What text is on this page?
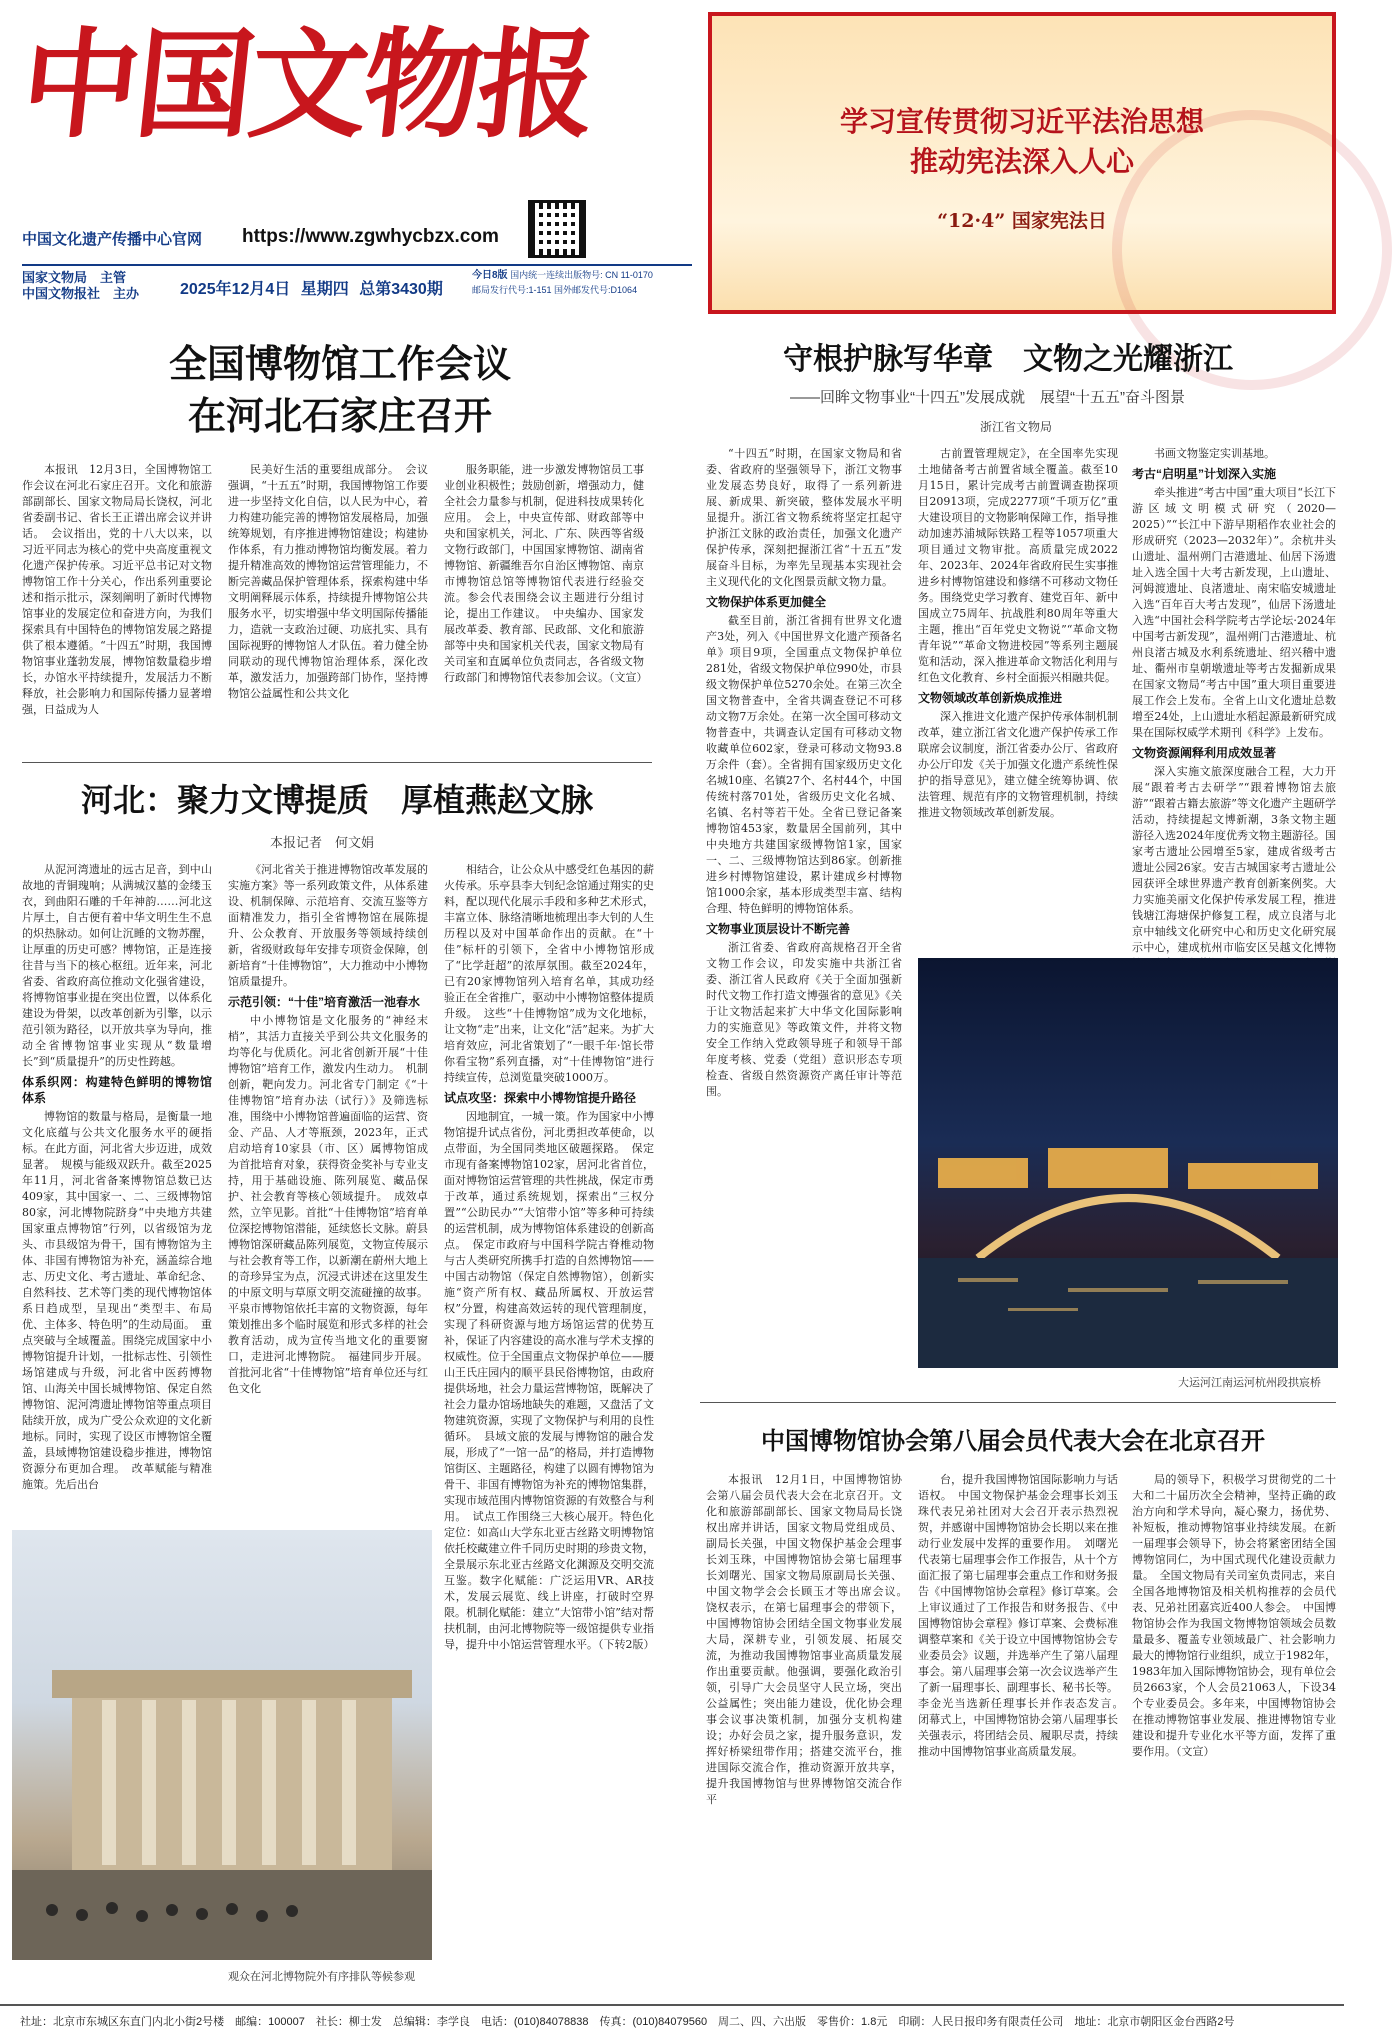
中国文物报
中国文化遗产传播中心官网 https://www.zgwhycbzx.com
国家文物局　主管
中国文物报社　主办	2025年12月4日 星期四 总第3430期
今日8版 国内统一连续出版物号: CN 11-0170
邮局发行代号:1-151 国外邮发代号:D1064
学习宣传贯彻习近平法治思想
推动宪法深入人心
“12·4” 国家宪法日
全国博物馆工作会议
在河北石家庄召开
本报讯　12月3日，全国博物馆工作会议在河北石家庄召开。文化和旅游部副部长、国家文物局局长饶权，河北省委副书记、省长王正谱出席会议并讲话。　会议指出，党的十八大以来，以习近平同志为核心的党中央高度重视文化遗产保护传承。习近平总书记对文物博物馆工作十分关心，作出系列重要论述和指示批示，深刻阐明了新时代博物馆事业的发展定位和奋进方向，为我们探索具有中国特色的博物馆发展之路提供了根本遵循。“十四五”时期，我国博物馆事业蓬勃发展，博物馆数量稳步增长，办馆水平持续提升，发展活力不断释放，社会影响力和国际传播力显著增强，日益成为人
民美好生活的重要组成部分。　会议强调，“十五五”时期，我国博物馆工作要进一步坚持文化自信，以人民为中心，着力构建功能完善的博物馆发展格局，加强统筹规划，有序推进博物馆建设；构建协作体系，有力推动博物馆均衡发展。着力提升精准高效的博物馆运营管理能力，不断完善藏品保护管理体系，探索构建中华文明阐释展示体系，持续提升博物馆公共服务水平，切实增强中华文明国际传播能力，造就一支政治过硬、功底扎实、具有国际视野的博物馆人才队伍。着力健全协同联动的现代博物馆治理体系，深化改革，激发活力，加强跨部门协作，坚持博物馆公益属性和公共文化
服务职能，进一步激发博物馆员工事业创业积极性；鼓励创新，增强动力，健全社会力量参与机制，促进科技成果转化应用。　会上，中央宣传部、财政部等中央和国家机关，河北、广东、陕西等省级文物行政部门，中国国家博物馆、湖南省博物馆、新疆维吾尔自治区博物馆、南京市博物馆总馆等博物馆代表进行经验交流。参会代表围绕会议主题进行分组讨论，提出工作建议。　中央编办、国家发展改革委、教育部、民政部、文化和旅游部等中央和国家机关代表，国家文物局有关司室和直属单位负责同志，各省级文物行政部门和博物馆代表参加会议。（文宣）
河北：聚力文博提质　厚植燕赵文脉
本报记者　何文娟

从泥河湾遗址的远古足音，到中山故地的青铜瑰响；从满城汉墓的金缕玉衣，到曲阳石雕的千年神韵……河北这片厚土，自古便有着中华文明生生不息的炽热脉动。如何让沉睡的文物苏醒，让厚重的历史可感？博物馆，正是连接往昔与当下的核心枢纽。近年来，河北省委、省政府高位推动文化强省建设，将博物馆事业提在突出位置，以体系化建设为骨架，以改革创新为引擎，以示范引领为路径，以开放共享为导向，推动全省博物馆事业实现从“数量增长”到“质量提升”的历史性跨越。

体系织网：构建特色鲜明的博物馆体系

博物馆的数量与格局，是衡量一地文化底蕴与公共文化服务水平的硬指标。在此方面，河北省大步迈进，成效显著。　规模与能级双跃升。截至2025年11月，河北省备案博物馆总数已达409家，其中国家一、二、三级博物馆80家，河北博物院跻身“中央地方共建国家重点博物馆”行列，以省级馆为龙头、市县级馆为骨干，国有博物馆为主体、非国有博物馆为补充，涵盖综合地志、历史文化、考古遗址、革命纪念、自然科技、艺术等门类的现代博物馆体系日趋成型，呈现出“类型丰、布局优、主体多、特色明”的生动局面。　重点突破与全域覆盖。围绕完成国家中小博物馆提升计划，一批标志性、引领性场馆建成与升级，河北省中医药博物馆、山海关中国长城博物馆、保定自然博物馆、泥河湾遗址博物馆等重点项目陆续开放，成为广受公众欢迎的文化新地标。同时，实现了设区市博物馆全覆盖，县域博物馆建设稳步推进，博物馆资源分布更加合理。　改革赋能与精准施策。先后出台

《河北省关于推进博物馆改革发展的实施方案》等一系列政策文件，从体系建设、机制保障、示范培育、交流互鉴等方面精准发力，指引全省博物馆在展陈提升、公众教育、开放服务等领域持续创新，省级财政每年安排专项资金保障，创新培育“十佳博物馆”，大力推动中小博物馆质量提升。

示范引领：“十佳”培育激活一池春水

中小博物馆是文化服务的“神经末梢”，其活力直接关乎到公共文化服务的均等化与优质化。河北省创新开展“十佳博物馆”培育工作，激发内生动力。　机制创新，靶向发力。河北省专门制定《“十佳博物馆”培育办法（试行）》及筛选标准，围绕中小博物馆普遍面临的运营、资金、产品、人才等瓶颈，2023年，正式启动培育10家县（市、区）属博物馆成为首批培育对象，获得资金奖补与专业支持，用于基础设施、陈列展览、藏品保护、社会教育等核心领域提升。　成效卓然，立竿见影。首批“十佳博物馆”培育单位深挖博物馆潜能，延续悠长文脉。蔚县博物馆深研藏品陈列展览，文物宣传展示与社会教育等工作，以新潮在蔚州大地上的奇珍异宝为点，沉浸式讲述在这里发生的中原文明与草原文明交流碰撞的故事。平泉市博物馆依托丰富的文物资源，每年策划推出多个临时展览和形式多样的社会教育活动，成为宣传当地文化的重要窗口，走进河北博物院。　福建同步开展。首批河北省“十佳博物馆”培育单位还与红色文化

相结合，让公众从中感受红色基因的薪火传承。乐亭县李大钊纪念馆通过翔实的史料，配以现代化展示手段和多种艺术形式，丰富立体、脉络清晰地梳理出李大钊的人生历程以及对中国革命作出的贡献。在“十佳”标杆的引领下，全省中小博物馆形成了“比学赶超”的浓厚氛围。截至2024年，已有20家博物馆列入培育名单，其成功经验正在全省推广，驱动中小博物馆整体提质升级。　这些“十佳博物馆”成为文化地标，让文物“走”出来，让文化“活”起来。为扩大培育效应，河北省策划了“一眼千年·馆长带你看宝物”系列直播，对“十佳博物馆”进行持续宣传，总浏览量突破1000万。

试点攻坚：探索中小博物馆提升路径

因地制宜，一城一策。作为国家中小博物馆提升试点省份，河北勇担改革使命，以点带面，为全国同类地区破题探路。　保定市现有备案博物馆102家，居河北省首位，面对博物馆运营管理的共性挑战，保定市勇于改革，通过系统规划，探索出“三权分置”“公助民办”“大馆带小馆”等多种可持续的运营机制，成为博物馆体系建设的创新高点。　保定市政府与中国科学院古脊椎动物与古人类研究所携手打造的自然博物馆——中国古动物馆（保定自然博物馆），创新实施“资产所有权、藏品所属权、开放运营权”分置，构建高效运转的现代管理制度，实现了科研资源与地方场馆运营的优势互补，保证了内容建设的高水准与学术支撑的权威性。位于全国重点文物保护单位——腰山王氏庄园内的顺平县民俗博物馆，由政府提供场地，社会力量运营博物馆，既解决了社会力量办馆场地缺失的难题，又盘活了文物建筑资源，实现了文物保护与利用的良性循环。　县域文旅的发展与博物馆的融合发展，形成了“一馆一品”的格局，并打造博物馆街区、主题路径，构建了以圆有博物馆为骨干、非国有博物馆为补充的博物馆集群，实现市域范围内博物馆资源的有效整合与利用。　试点工作围绕三大核心展开。特色化定位：如高山大学东北亚古丝路文明博物馆依托校藏建立件千同历史时期的珍贵文物，全景展示东北亚古丝路文化渊源及交明交流互鉴。数字化赋能：广泛运用VR、AR技术，发展云展览、线上讲座，打破时空界限。机制化赋能：建立“大馆带小馆”结对帮扶机制，由河北博物院等一级馆提供专业指导，提升中小馆运营管理水平。（下转2版）

观众在河北博物院外有序排队等候参观
守根护脉写华章　文物之光耀浙江
——回眸文物事业“十四五”发展成就　展望“十五五”奋斗图景
浙江省文物局

“十四五”时期，在国家文物局和省委、省政府的坚强领导下，浙江文物事业发展态势良好，取得了一系列新进展、新成果、新突破，整体发展水平明显提升。浙江省文物系统将坚定扛起守护浙江文脉的政治责任，加强文化遗产保护传承，深刻把握浙江省“十五五”发展奋斗目标，为率先呈现基本实现社会主义现代化的文化图景贡献文物力量。

文物保护体系更加健全

截至目前，浙江省拥有世界文化遗产3处，列入《中国世界文化遗产预备名单》项目9项，全国重点文物保护单位281处，省级文物保护单位990处，市县级文物保护单位5270余处。在第三次全国文物普查中，全省共调查登记不可移动文物7万余处。在第一次全国可移动文物普查中，共调查认定国有可移动文物收藏单位602家，登录可移动文物93.8万余件（套）。全省拥有国家级历史文化名城10座、名镇27个、名村44个，中国传统村落701处，省级历史文化名城、名镇、名村等若干处。全省已登记备案博物馆453家，数量居全国前列，其中中央地方共建国家级博物馆1家，国家一、二、三级博物馆达到86家。创新推进乡村博物馆建设，累计建成乡村博物馆1000余家，基本形成类型丰富、结构合理、特色鲜明的博物馆体系。

文物事业顶层设计不断完善

浙江省委、省政府高规格召开全省文物工作会议，印发实施中共浙江省委、浙江省人民政府《关于全面加强新时代文物工作打造文博强省的意见》《关于让文物活起来扩大中华文化国际影响力的实施意见》等政策文件，并将文物安全工作纳入党政领导班子和领导干部年度考核、党委（党组）意识形态专项检查、省级自然资源资产离任审计等范围。

古前置管理规定》，在全国率先实现土地储备考古前置省域全覆盖。截至10月15日，累计完成考古前置调查勘探项目20913项，完成2277项“千项万亿”重大建设项目的文物影响保障工作，指导推动加速苏浦城际铁路工程等1057项重大项目通过文物审批。高质量完成2022年、2023年、2024年省政府民生实事推进乡村博物馆建设和修缮不可移动文物任务。围绕党史学习教育、建党百年、新中国成立75周年、抗战胜利80周年等重大主题，推出“百年党史文物说”“革命文物青年说”“革命文物进校园”等系列主题展览和活动，深入推进革命文物活化利用与红色文化教育、乡村全面振兴相融共促。

文物领域改革创新焕成推进

深入推进文化遗产保护传承体制机制改革，建立浙江省文化遗产保护传承工作联席会议制度，浙江省委办公厅、省政府办公厅印发《关于加强文化遗产系统性保护的指导意见》，建立健全统筹协调、依法管理、规范有序的文物管理机制，持续推进文物领域改革创新发展。

书画文物鉴定实训基地。

考古“启明星”计划深入实施

牵头推进“考古中国”重大项目“长江下游区域文明模式研究（2020—2025）”“长江中下游早期稻作农业社会的形成研究（2023—2032年）”。余杭井头山遗址、温州朔门古港遗址、仙居下汤遗址入选全国十大考古新发现，上山遗址、河姆渡遗址、良渚遗址、南宋临安城遗址入选“百年百大考古发现”，仙居下汤遗址入选“中国社会科学院考古学论坛·2024年中国考古新发现”，温州朔门古港遗址、杭州良渚古城及水利系统遗址、绍兴稽中遗址、衢州市皇朝墩遗址等考古发掘新成果在国家文物局“考古中国”重大项目重要进展工作会上发布。全省上山文化遗址总数增至24处，上山遗址水稻起源最新研究成果在国际权威学术期刊《科学》上发布。

文物资源阐释利用成效显著

深入实施文旅深度融合工程，大力开展“跟着考古去研学”“跟着博物馆去旅游”“跟着古籍去旅游”等文化遗产主题研学活动，持续提起文博新潮，3条文物主题游径入选2024年度优秀文物主题游径。国家考古遗址公园增至5家，建成省级考古遗址公园26家。安吉古城国家考古遗址公园获评全球世界遗产教育创新案例奖。大力实施美丽文化保护传承发展工程，推进钱塘江海塘保护修复工程，成立良渚与北京中轴线文化研究中心和历史文化研究展示中心，建成杭州市临安区吴越文化博物

大运河江南运河杭州段拱宸桥
中国博物馆协会第八届会员代表大会在北京召开
本报讯　12月1日，中国博物馆协会第八届会员代表大会在北京召开。文化和旅游部副部长、国家文物局局长饶权出席并讲话，国家文物局党组成员、副局长关强，中国文物保护基金会理事长刘玉珠，中国博物馆协会第七届理事长刘曙光、国家文物局原副局长关强、中国文物学会会长顾玉才等出席会议。　饶权表示，在第七届理事会的带领下，中国博物馆协会团结全国文物事业发展大局，深耕专业，引领发展、拓展交流，为推动我国博物馆事业高质量发展作出重要贡献。他强调，要强化政治引领，引导广大会员坚守人民立场，突出公益属性；突出能力建设，优化协会理事会议事决策机制，加强分支机构建设；办好会员之家，提升服务意识，发挥好桥梁纽带作用；搭建交流平台，推进国际交流合作，推动资源开放共享，提升我国博物馆与世界博物馆交流合作平
台，提升我国博物馆国际影响力与话语权。　中国文物保护基金会理事长刘玉珠代表兄弟社团对大会召开表示热烈祝贺，并感谢中国博物馆协会长期以来在推动行业发展中发挥的重要作用。　刘曙光代表第七届理事会作工作报告，从十个方面汇报了第七届理事会重点工作和财务报告《中国博物馆协会章程》修订草案。会上审议通过了工作报告和财务报告、《中国博物馆协会章程》修订草案、会费标准调整草案和《关于设立中国博物馆协会专业委员会》议题，并选举产生了第八届理事会。第八届理事会第一次会议选举产生了新一届理事长、副理事长、秘书长等。李金光当选新任理事长并作表态发言。　闭幕式上，中国博物馆协会第八届理事长关强表示，将团结会员、履职尽责，持续推动中国博物馆事业高质量发展。
局的领导下，积极学习贯彻党的二十大和二十届历次全会精神，坚持正确的政治方向和学术导向，凝心聚力，扬优势、补短板，推动博物馆事业持续发展。在新一届理事会领导下，协会将紧密团结全国博物馆同仁，为中国式现代化建设贡献力量。　全国文物局有关司室负责同志，来自全国各地博物馆及相关机构推荐的会员代表、兄弟社团嘉宾近400人参会。　中国博物馆协会作为我国文物博物馆领域会员数量最多、覆盖专业领域最广、社会影响力最大的博物馆行业组织，成立于1982年，1983年加入国际博物馆协会，现有单位会员2663家，个人会员21063人，下设34个专业委员会。多年来，中国博物馆协会在推动博物馆事业发展、推进博物馆专业建设和提升专业化水平等方面，发挥了重要作用。（文宣）
社址：北京市东城区东直门内北小街2号楼　邮编：100007　社长：柳士发　总编辑：李学良　电话：(010)84078838　传真：(010)84079560　周二、四、六出版　零售价：1.8元　印刷：人民日报印务有限责任公司　地址：北京市朝阳区金台西路2号
